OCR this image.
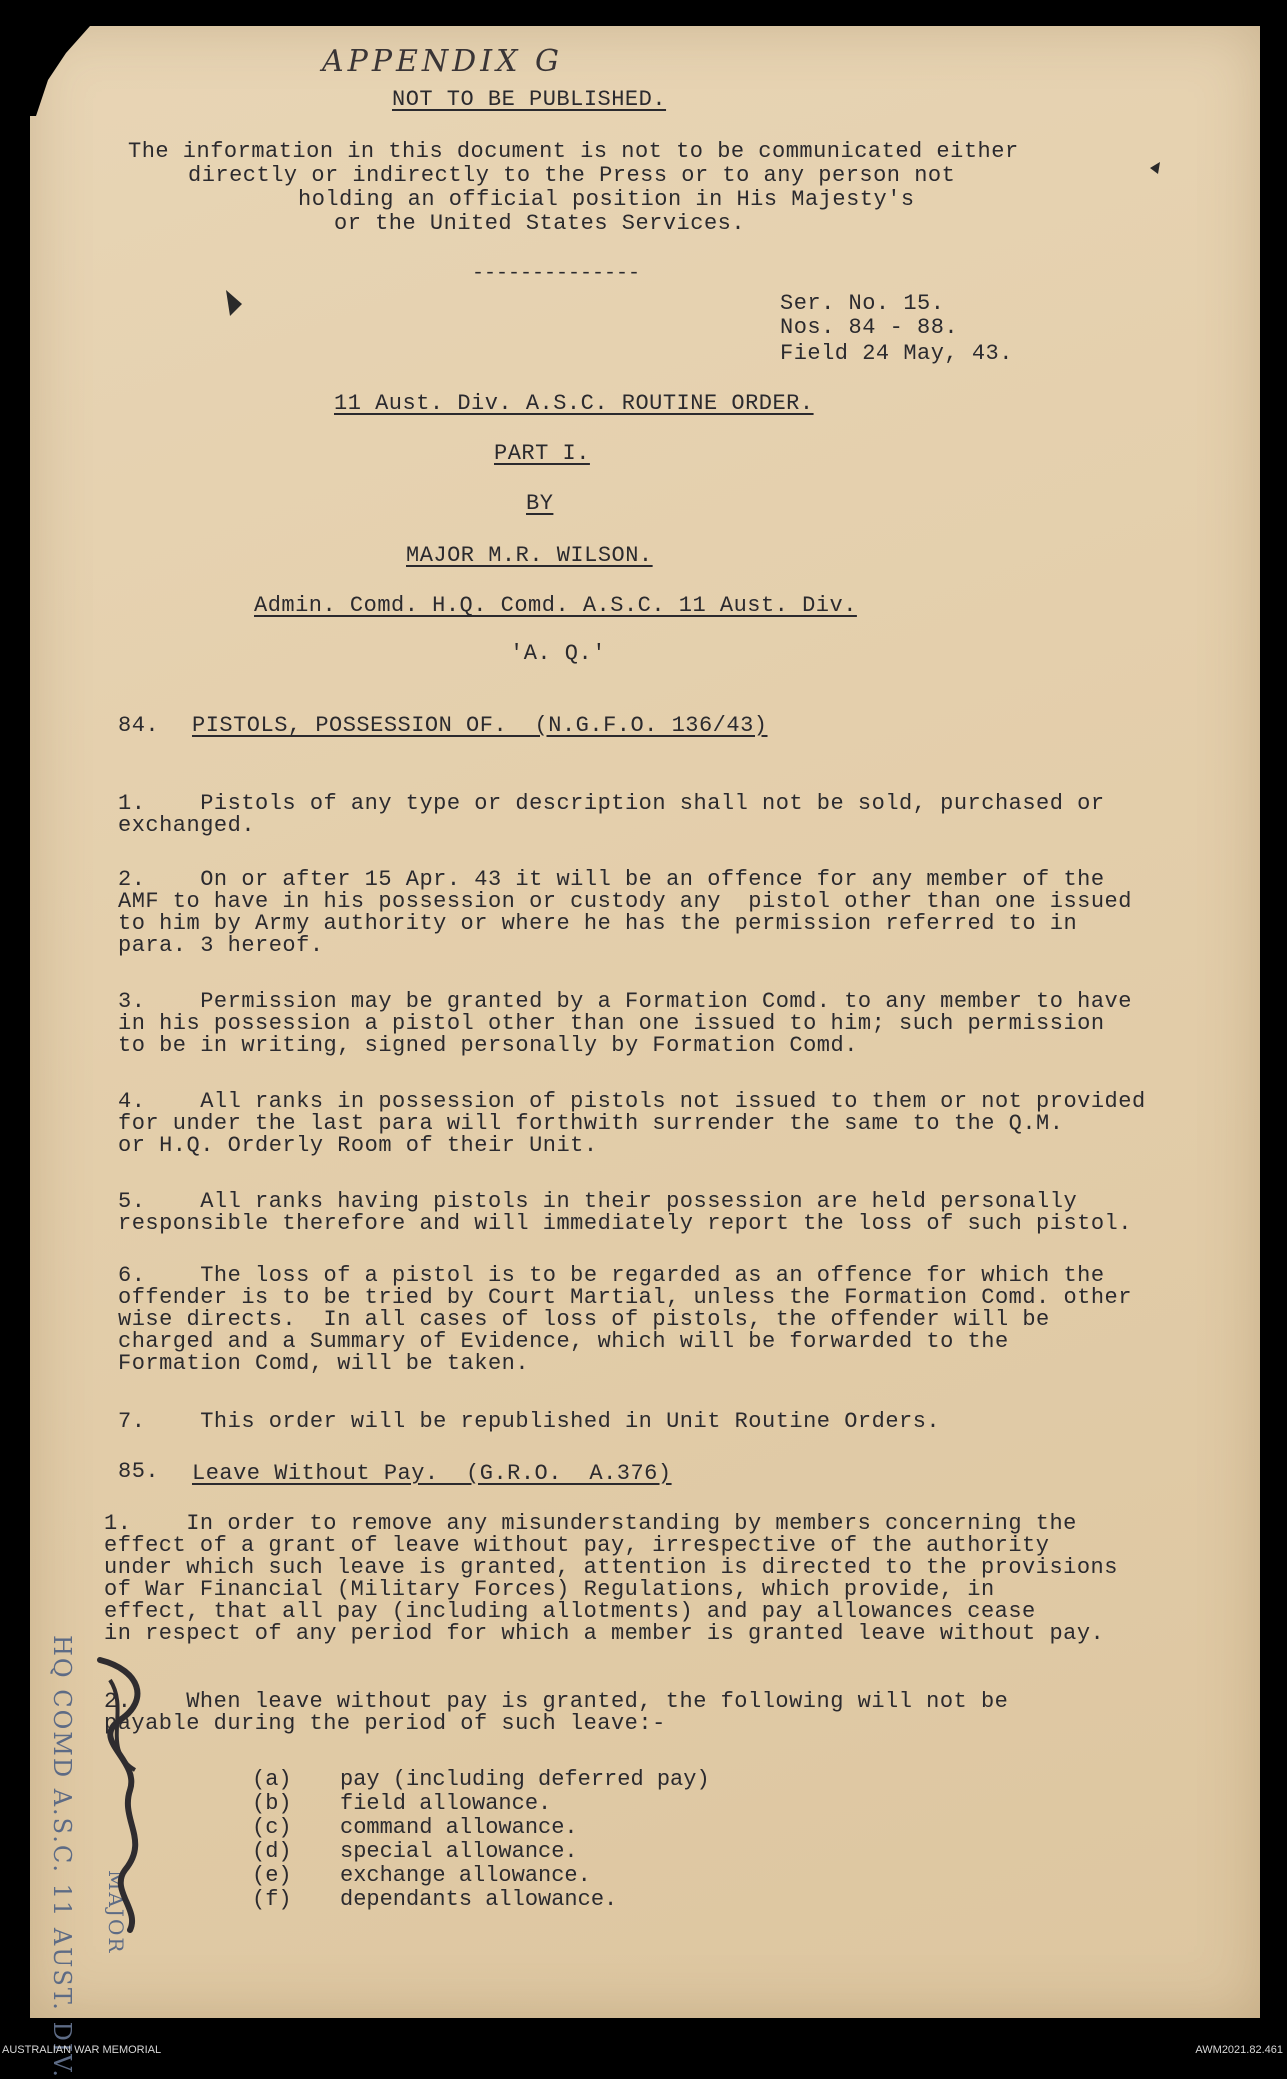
APPENDIX G
NOT TO BE PUBLISHED.
The information in this document is not to be communicated either
directly or indirectly to the Press or to any person not
holding an official position in His Majesty's
or the United States Services.
--------------
Ser. No. 15.
Nos. 84 - 88.
Field 24 May, 43.
11 Aust. Div. A.S.C. ROUTINE ORDER.
PART I.
BY
MAJOR M.R. WILSON.
Admin. Comd. H.Q. Comd. A.S.C. 11 Aust. Div.
'A. Q.'
84. PISTOLS, POSSESSION OF.  (N.G.F.O. 136/43)
1.    Pistols of any type or description shall not be sold, purchased or
exchanged.
2.    On or after 15 Apr. 43 it will be an offence for any member of the
AMF to have in his possession or custody any  pistol other than one issued
to him by Army authority or where he has the permission referred to in
para. 3 hereof.
3.    Permission may be granted by a Formation Comd. to any member to have
in his possession a pistol other than one issued to him; such permission
to be in writing, signed personally by Formation Comd.
4.    All ranks in possession of pistols not issued to them or not provided
for under the last para will forthwith surrender the same to the Q.M.
or H.Q. Orderly Room of their Unit.
5.    All ranks having pistols in their possession are held personally
responsible therefore and will immediately report the loss of such pistol.
6.    The loss of a pistol is to be regarded as an offence for which the
offender is to be tried by Court Martial, unless the Formation Comd. other
wise directs.  In all cases of loss of pistols, the offender will be
charged and a Summary of Evidence, which will be forwarded to the
Formation Comd, will be taken.
7.    This order will be republished in Unit Routine Orders.
85. Leave Without Pay.  (G.R.O.  A.376)
1.    In order to remove any misunderstanding by members concerning the
effect of a grant of leave without pay, irrespective of the authority
under which such leave is granted, attention is directed to the provisions
of War Financial (Military Forces) Regulations, which provide, in
effect, that all pay (including allotments) and pay allowances cease
in respect of any period for which a member is granted leave without pay.
2.    When leave without pay is granted, the following will not be
payable during the period of such leave:-
(a) pay (including deferred pay)
(b) field allowance.
(c) command allowance.
(d) special allowance.
(e) exchange allowance.
(f) dependants allowance.
HQ COMD A.S.C. 11 AUST. DIV. MAJOR
AUSTRALIAN WAR MEMORIAL	AWM2021.82.461
